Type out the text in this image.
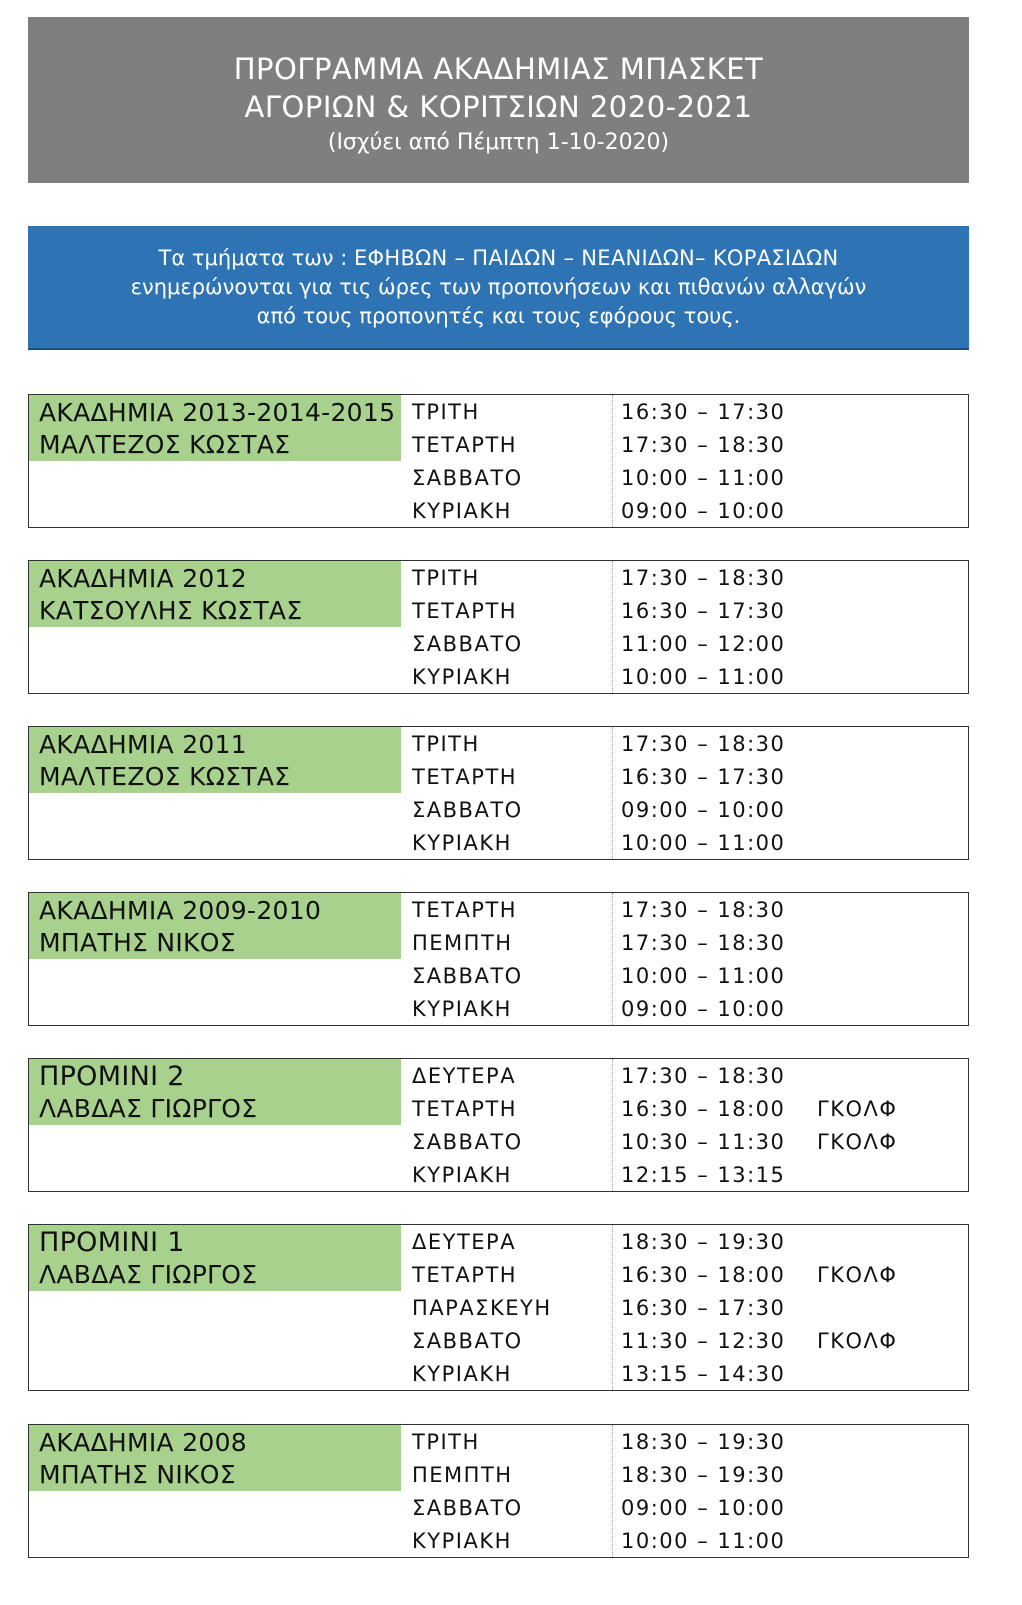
ΠΡΟΓΡΑΜΜΑ ΑΚΑΔΗΜΙΑΣ ΜΠΑΣΚΕΤ
ΑΓΟΡΙΩΝ & ΚΟΡΙΤΣΙΩΝ 2020-2021
(Ισχύει από Πέμπτη 1-10-2020)
Τα τμήματα των : ΕΦΗΒΩΝ – ΠΑΙΔΩΝ – ΝΕΑΝΙΔΩΝ– ΚΟΡΑΣΙΔΩΝ
ενημερώνονται για τις ώρες των προπονήσεων και πιθανών αλλαγών
από τους προπονητές και τους εφόρους τους.
ΑΚΑΔΗΜΙΑ 2013-2014-2015
ΜΑΛΤΕΖΟΣ ΚΩΣΤΑΣ
ΤΡΙΤΗ	16:30 – 17:30
ΤΕΤΑΡΤΗ	17:30 – 18:30
ΣΑΒΒΑΤΟ	10:00 – 11:00
ΚΥΡΙΑΚΗ	09:00 – 10:00
ΑΚΑΔΗΜΙΑ 2012
ΚΑΤΣΟΥΛΗΣ ΚΩΣΤΑΣ
ΤΡΙΤΗ	17:30 – 18:30
ΤΕΤΑΡΤΗ	16:30 – 17:30
ΣΑΒΒΑΤΟ	11:00 – 12:00
ΚΥΡΙΑΚΗ	10:00 – 11:00
ΑΚΑΔΗΜΙΑ 2011
ΜΑΛΤΕΖΟΣ ΚΩΣΤΑΣ
ΤΡΙΤΗ	17:30 – 18:30
ΤΕΤΑΡΤΗ	16:30 – 17:30
ΣΑΒΒΑΤΟ	09:00 – 10:00
ΚΥΡΙΑΚΗ	10:00 – 11:00
ΑΚΑΔΗΜΙΑ 2009-2010
ΜΠΑΤΗΣ ΝΙΚΟΣ
ΤΕΤΑΡΤΗ	17:30 – 18:30
ΠΕΜΠΤΗ	17:30 – 18:30
ΣΑΒΒΑΤΟ	10:00 – 11:00
ΚΥΡΙΑΚΗ	09:00 – 10:00
ΠΡΟΜΙΝΙ 2
ΛΑΒΔΑΣ ΓΙΩΡΓΟΣ
ΔΕΥΤΕΡΑ	17:30 – 18:30
ΤΕΤΑΡΤΗ	16:30 – 18:00	ΓΚΟΛΦ
ΣΑΒΒΑΤΟ	10:30 – 11:30	ΓΚΟΛΦ
ΚΥΡΙΑΚΗ	12:15 – 13:15
ΠΡΟΜΙΝΙ 1
ΛΑΒΔΑΣ ΓΙΩΡΓΟΣ
ΔΕΥΤΕΡΑ	18:30 – 19:30
ΤΕΤΑΡΤΗ	16:30 – 18:00	ΓΚΟΛΦ
ΠΑΡΑΣΚΕΥΗ	16:30 – 17:30
ΣΑΒΒΑΤΟ	11:30 – 12:30	ΓΚΟΛΦ
ΚΥΡΙΑΚΗ	13:15 – 14:30
ΑΚΑΔΗΜΙΑ 2008
ΜΠΑΤΗΣ ΝΙΚΟΣ
ΤΡΙΤΗ	18:30 – 19:30
ΠΕΜΠΤΗ	18:30 – 19:30
ΣΑΒΒΑΤΟ	09:00 – 10:00
ΚΥΡΙΑΚΗ	10:00 – 11:00
